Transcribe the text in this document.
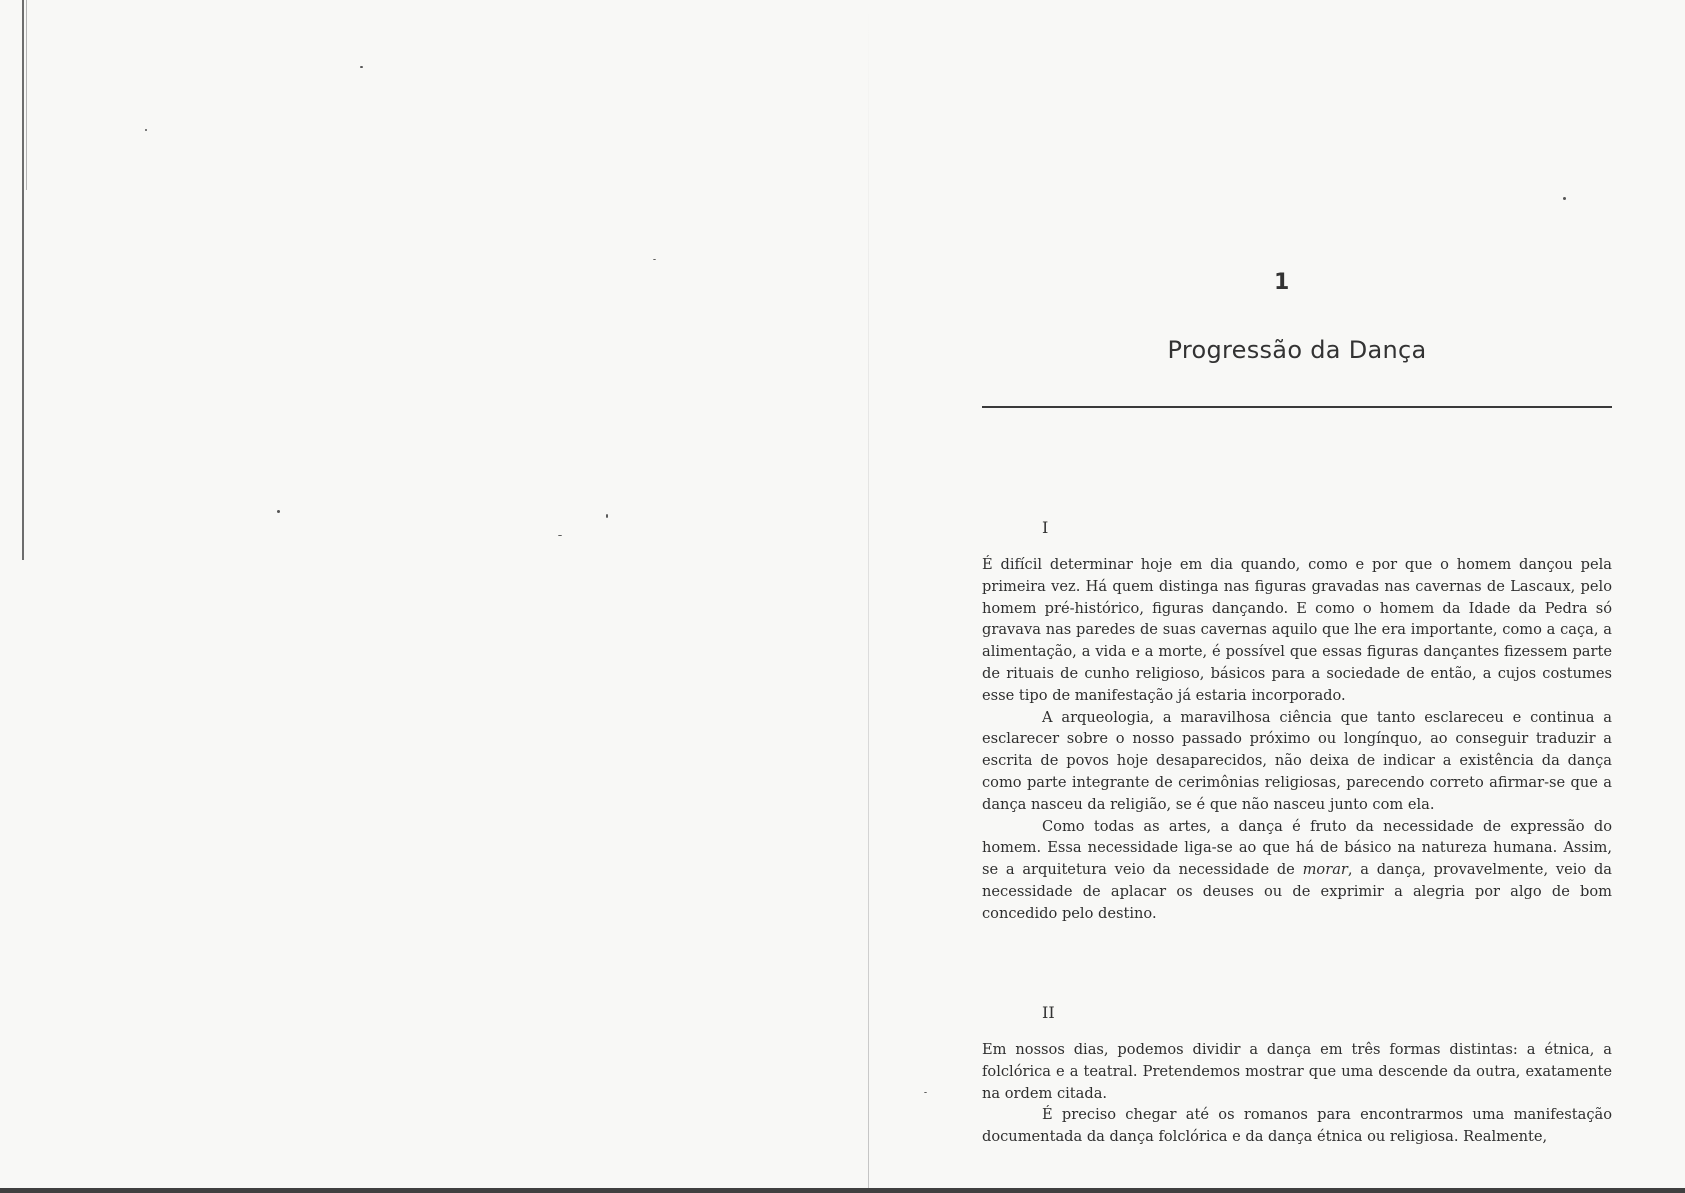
1
Progressão da Dança
I

É difícil determinar hoje em dia quando, como e por que o homem dançou pela primeira vez. Há quem distinga nas figuras gravadas nas cavernas de Lascaux, pelo homem pré-histórico, figuras dançando. E como o homem da Idade da Pedra só gravava nas paredes de suas cavernas aquilo que lhe era importante, como a caça, a alimentação, a vida e a morte, é possível que essas figuras dançantes fizessem parte de rituais de cunho religioso, básicos para a sociedade de então, a cujos costumes esse tipo de manifestação já estaria incorporado.

A arqueologia, a maravilhosa ciência que tanto esclareceu e continua a esclarecer sobre o nosso passado próximo ou longínquo, ao conseguir traduzir a escrita de povos hoje desaparecidos, não deixa de indicar a existência da dança como parte integrante de cerimônias religiosas, parecendo correto afirmar-se que a dança nasceu da religião, se é que não nasceu junto com ela.

Como todas as artes, a dança é fruto da necessidade de expressão do homem. Essa necessidade liga-se ao que há de básico na natureza humana. Assim, se a arquitetura veio da necessidade de morar, a dança, provavelmente, veio da necessidade de aplacar os deuses ou de exprimir a alegria por algo de bom concedido pelo destino.

II

Em nossos dias, podemos dividir a dança em três formas distintas: a étnica, a folclórica e a teatral. Pretendemos mostrar que uma descende da outra, exatamente na ordem citada.

É preciso chegar até os romanos para encontrarmos uma manifestação documentada da dança folclórica e da dança étnica ou religiosa. Realmente,
